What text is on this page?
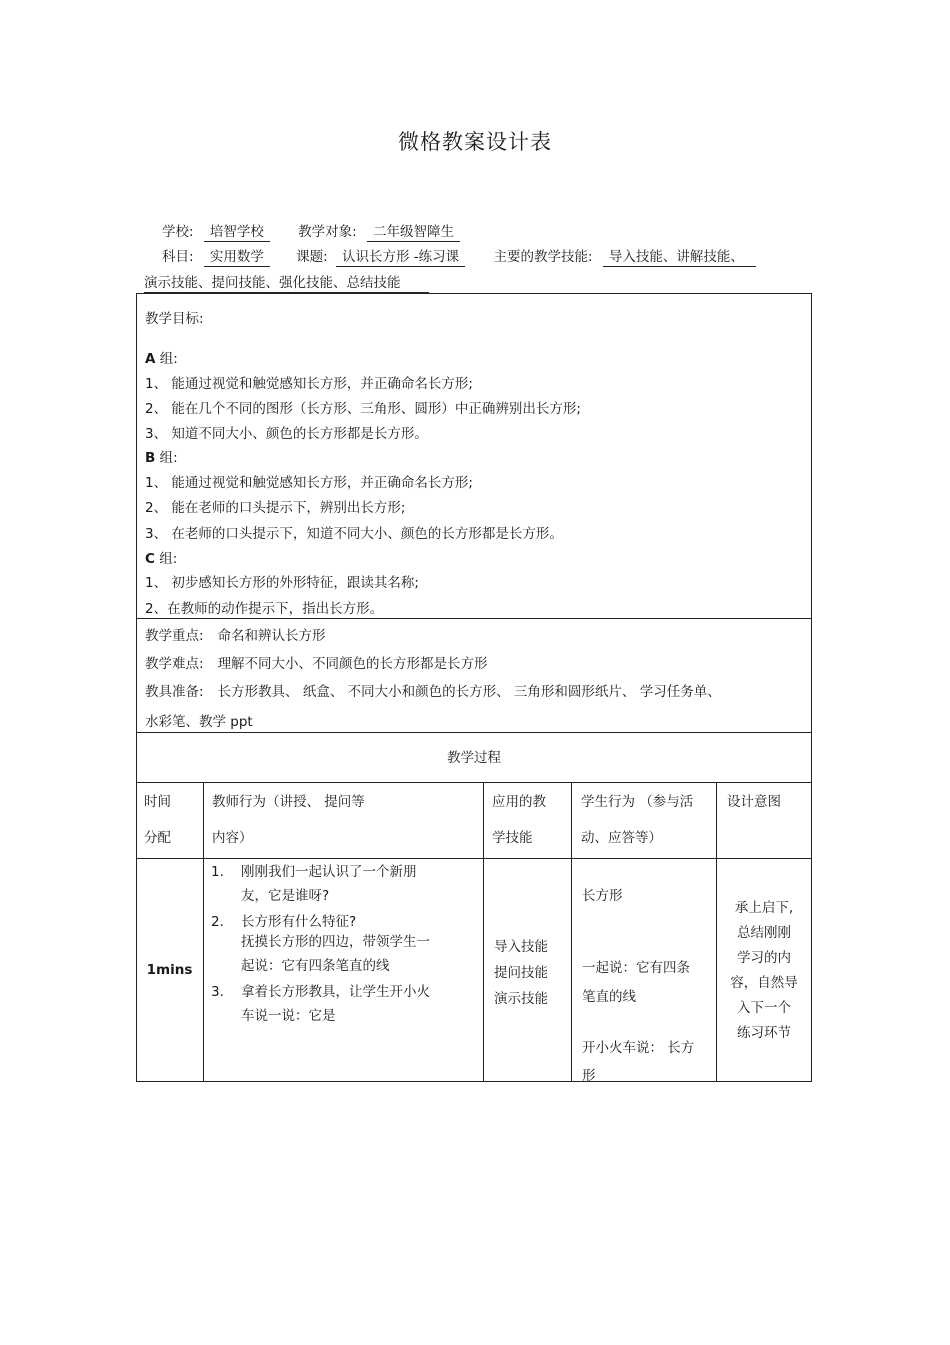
微格教案设计表
学校: 培智学校	教学对象: 二年级智障生
科目: 实用数学 课题: 认识长方形 -练习课	主要的教学技能: 导入技能、讲解技能、
演示技能、提问技能、强化技能、总结技能
教学目标:
A 组:
1、 能通过视觉和触觉感知长方形，并正确命名长方形;
2、 能在几个不同的图形（长方形、三角形、圆形）中正确辨别出长方形;
3、 知道不同大小、颜色的长方形都是长方形。
B 组:
1、 能通过视觉和触觉感知长方形，并正确命名长方形;
2、 能在老师的口头提示下，辨别出长方形;
3、 在老师的口头提示下，知道不同大小、颜色的长方形都是长方形。
C 组:
1、 初步感知长方形的外形特征，跟读其名称;
2、在教师的动作提示下，指出长方形。
教学重点: 命名和辨认长方形
教学难点: 理解不同大小、不同颜色的长方形都是长方形
教具准备: 长方形教具、 纸盒、 不同大小和颜色的长方形、 三角形和圆形纸片、 学习任务单、
水彩笔、教学 ppt
教学过程
时间
分配
教师行为（讲授、 提问等
内容）
应用的教
学技能
学生行为 （参与活
动、应答等）
设计意图
1mins
1. 刚刚我们一起认识了一个新朋
友，它是谁呀?
2. 长方形有什么特征?
抚摸长方形的四边，带领学生一
起说：它有四条笔直的线
3. 拿着长方形教具，让学生开小火
车说一说：它是
导入技能
提问技能
演示技能
长方形
一起说：它有四条
笔直的线
开小火车说： 长方
形
承上启下,
总结刚刚
学习的内
容，自然导
入下一个
练习环节
